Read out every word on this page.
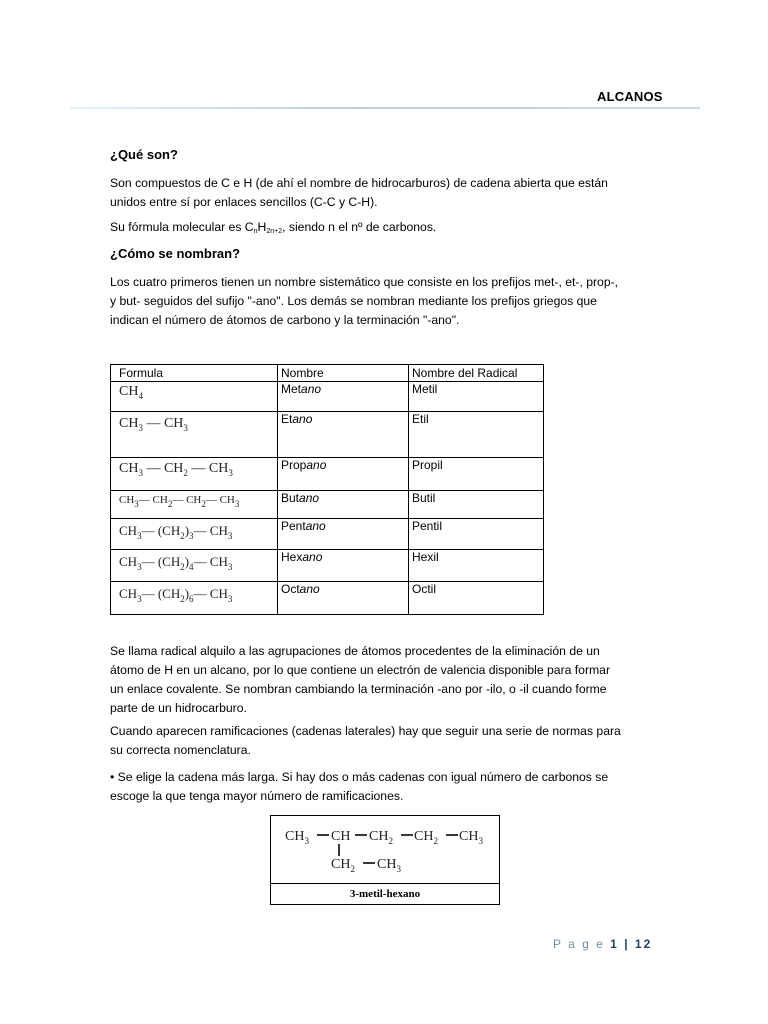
ALCANOS
¿Qué son?
Son compuestos de C e H (de ahí el nombre de hidrocarburos) de cadena abierta que están
unidos entre sí por enlaces sencillos (C-C y C-H).
Su fórmula molecular es $C_nH_{2n+2}$, siendo n el nº de carbonos.
¿Cómo se nombran?
Los cuatro primeros tienen un nombre sistemático que consiste en los prefijos met-, et-, prop-,
y but- seguidos del sufijo "-ano". Los demás se nombran mediante los prefijos griegos que
indican el número de átomos de carbono y la terminación "-ano".
Formula	Nombre	Nombre del Radical

$CH_4$	Metano	Metil

$CH_3$ — $CH_3$	Etano	Etil

$CH_3$ — $CH_2$ — $CH_3$	Propano	Propil

$CH_3—$ $CH_2—$ $CH_2—$ $CH_3$	Butano	Butil

$CH_3—$ $(CH_2)_3—$ $CH_3$	Pentano	Pentil

$CH_3—$ $(CH_2)_4—$ $CH_3$	Hexano	Hexil

$CH_3—$ $(CH_2)_6—$ $CH_3$	Octano	Octil
Se llama radical alquilo a las agrupaciones de átomos procedentes de la eliminación de un
átomo de H en un alcano, por lo que contiene un electrón de valencia disponible para formar
un enlace covalente. Se nombran cambiando la terminación -ano por -ilo, o -il cuando forme
parte de un hidrocarburo.
Cuando aparecen ramificaciones (cadenas laterales) hay que seguir una serie de normas para
su correcta nomenclatura.
• Se elige la cadena más larga. Si hay dos o más cadenas con igual número de carbonos se
escoge la que tenga mayor número de ramificaciones.
$CH_3$ CH $CH_2$ $CH_2$ $CH_3$
$CH_2$ $CH_3$
3-metil-hexano
P a g e 1 | 12
